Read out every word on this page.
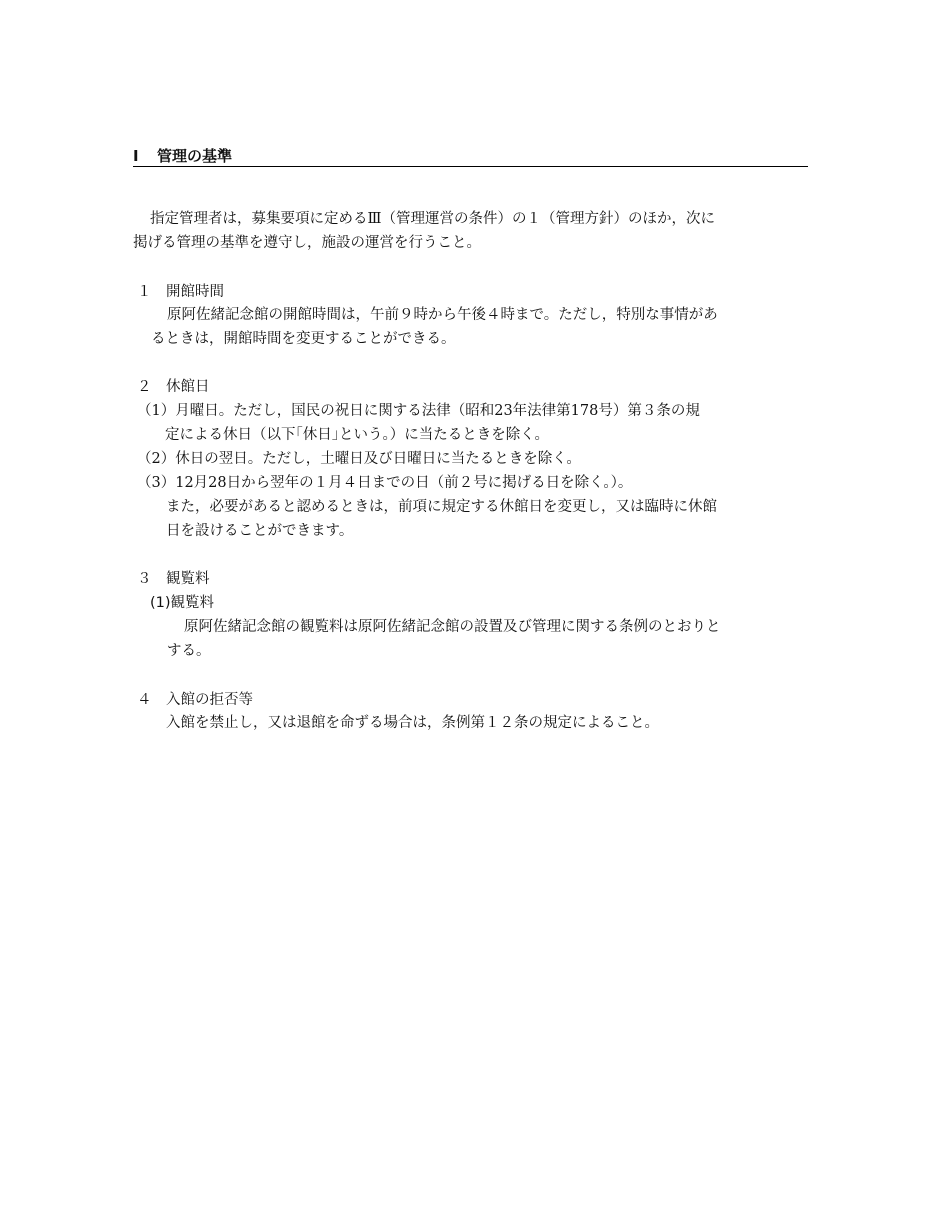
Ⅰ 管理の基準
指定管理者は，募集要項に定めるⅢ（管理運営の条件）の１（管理方針）のほか，次に
掲げる管理の基準を遵守し，施設の運営を行うこと。
１　開館時間
原阿佐緒記念館の開館時間は，午前９時から午後４時まで。ただし，特別な事情があ
るときは，開館時間を変更することができる。
２　休館日
（1）月曜日。ただし，国民の祝日に関する法律（昭和23年法律第178号）第３条の規
定による休日（以下｢休日｣という。）に当たるときを除く。
（2）休日の翌日。ただし，土曜日及び日曜日に当たるときを除く。
（3）12月28日から翌年の１月４日までの日（前２号に掲げる日を除く。）。
また，必要があると認めるときは，前項に規定する休館日を変更し，又は臨時に休館
日を設けることができます。
３　観覧料
(1)観覧料
原阿佐緒記念館の観覧料は原阿佐緒記念館の設置及び管理に関する条例のとおりと
する。
４　入館の拒否等
入館を禁止し，又は退館を命ずる場合は，条例第１２条の規定によること。
